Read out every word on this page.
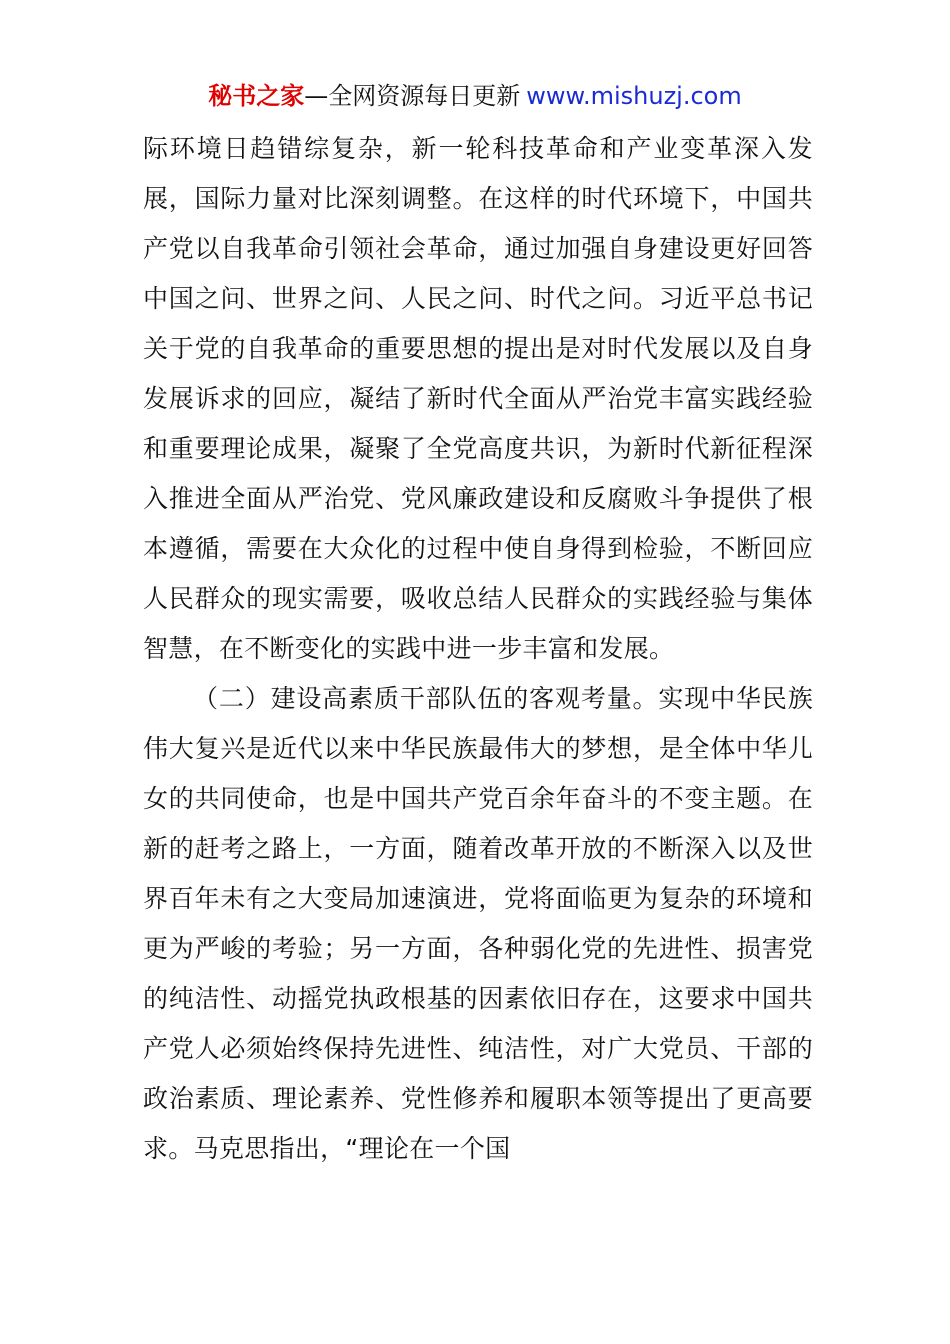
秘书之家—全网资源每日更新 www.mishuzj.com

际环境日趋错综复杂，新一轮科技革命和产业变革深入发展，国际力量对比深刻调整。在这样的时代环境下，中国共产党以自我革命引领社会革命，通过加强自身建设更好回答中国之问、世界之问、人民之问、时代之问。习近平总书记关于党的自我革命的重要思想的提出是对时代发展以及自身发展诉求的回应，凝结了新时代全面从严治党丰富实践经验和重要理论成果，凝聚了全党高度共识，为新时代新征程深入推进全面从严治党、党风廉政建设和反腐败斗争提供了根本遵循，需要在大众化的过程中使自身得到检验，不断回应人民群众的现实需要，吸收总结人民群众的实践经验与集体智慧，在不断变化的实践中进一步丰富和发展。

（二）建设高素质干部队伍的客观考量。实现中华民族伟大复兴是近代以来中华民族最伟大的梦想，是全体中华儿女的共同使命，也是中国共产党百余年奋斗的不变主题。在新的赶考之路上，一方面，随着改革开放的不断深入以及世界百年未有之大变局加速演进，党将面临更为复杂的环境和更为严峻的考验；另一方面，各种弱化党的先进性、损害党的纯洁性、动摇党执政根基的因素依旧存在，这要求中国共产党人必须始终保持先进性、纯洁性，对广大党员、干部的政治素质、理论素养、党性修养和履职本领等提出了更高要求。马克思指出，“理论在一个国
